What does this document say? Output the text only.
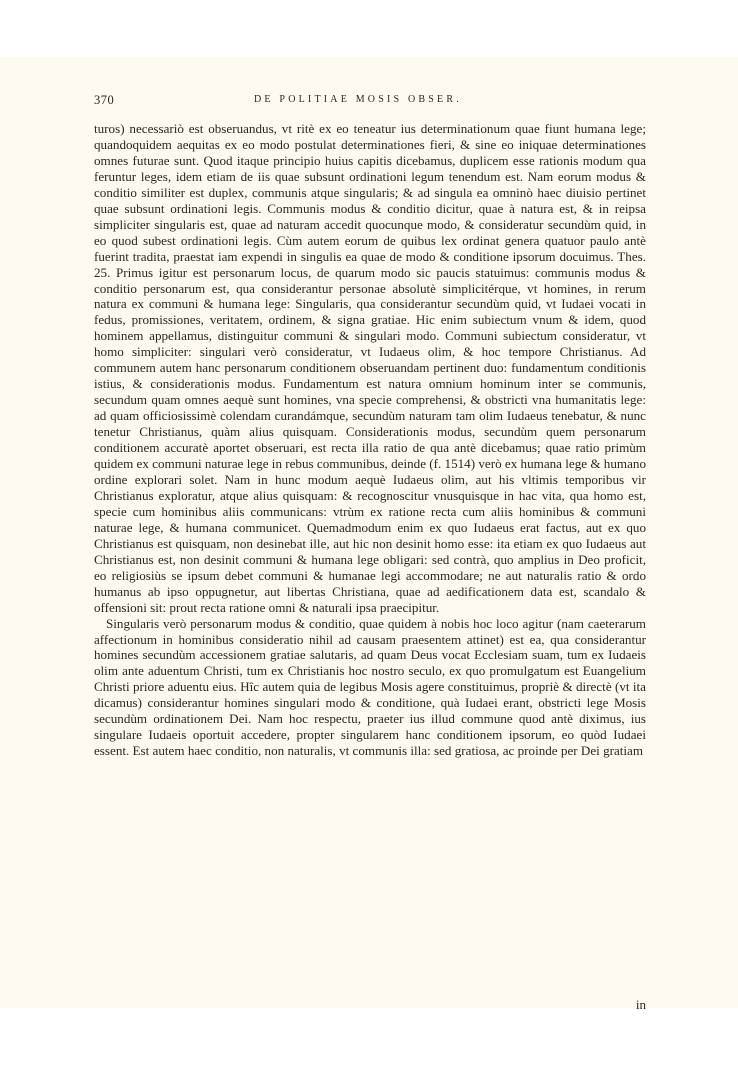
370	DE POLITIAE MOSIS OBSER.

turos) necessariò est obseruandus, vt ritè ex eo teneatur ius determinationum quae fiunt humana lege; quandoquidem aequitas ex eo modo postulat determinationes fieri, & sine eo iniquae determinationes omnes futurae sunt. Quod itaque principio huius capitis dicebamus, duplicem esse rationis modum qua feruntur leges, idem etiam de iis quae subsunt ordinationi legum tenendum est. Nam eorum modus & conditio similiter est duplex, communis atque singularis; & ad singula ea omninò haec diuisio pertinet quae subsunt ordinationi legis. Communis modus & conditio dicitur, quae à natura est, & in reipsa simpliciter singularis est, quae ad naturam accedit quocunque modo, & consideratur secundùm quid, in eo quod subest ordinationi legis. Cùm autem eorum de quibus lex ordinat genera quatuor paulo antè fuerint tradita, praestat iam expendi in singulis ea quae de modo & conditione ipsorum docuimus. Thes. 25. Primus igitur est personarum locus, de quarum modo sic paucis statuimus: communis modus & conditio personarum est, qua considerantur personae absolutè simplicitérque, vt homines, in rerum natura ex communi & humana lege: Singularis, qua considerantur secundùm quid, vt Iudaei vocati in fedus, promissiones, veritatem, ordinem, & signa gratiae. Hic enim subiectum vnum & idem, quod hominem appellamus, distinguitur communi & singulari modo. Communi subiectum consideratur, vt homo simpliciter: singulari verò consideratur, vt Iudaeus olim, & hoc tempore Christianus. Ad communem autem hanc personarum conditionem obseruandam pertinent duo: fundamentum conditionis istius, & considerationis modus. Fundamentum est natura omnium hominum inter se communis, secundum quam omnes aequè sunt homines, vna specie comprehensi, & obstricti vna humanitatis lege: ad quam officiosissimè colendam curandámque, secundùm naturam tam olim Iudaeus tenebatur, & nunc tenetur Christianus, quàm alius quisquam. Considerationis modus, secundùm quem personarum conditionem accuratè aportet obseruari, est recta illa ratio de qua antè dicebamus; quae ratio primùm quidem ex communi naturae lege in rebus communibus, deinde (f. 1514) verò ex humana lege & humano ordine explorari solet. Nam in hunc modum aequè Iudaeus olim, aut his vltimis temporibus vir Christianus exploratur, atque alius quisquam: & recognoscitur vnusquisque in hac vita, qua homo est, specie cum hominibus aliis communicans: vtrùm ex ratione recta cum aliis hominibus & communi naturae lege, & humana communicet. Quemadmodum enim ex quo Iudaeus erat factus, aut ex quo Christianus est quisquam, non desinebat ille, aut hic non desinit homo esse: ita etiam ex quo Iudaeus aut Christianus est, non desinit communi & humana lege obligari: sed contrà, quo amplius in Deo proficit, eo religiosiùs se ipsum debet communi & humanae legi accommodare; ne aut naturalis ratio & ordo humanus ab ipso oppugnetur, aut libertas Christiana, quae ad aedificationem data est, scandalo & offensioni sit: prout recta ratione omni & naturali ipsa praecipitur.

Singularis verò personarum modus & conditio, quae quidem à nobis hoc loco agitur (nam caeterarum affectionum in hominibus consideratio nihil ad causam praesentem attinet) est ea, qua considerantur homines secundùm accessionem gratiae salutaris, ad quam Deus vocat Ecclesiam suam, tum ex Iudaeis olim ante aduentum Christi, tum ex Christianis hoc nostro seculo, ex quo promulgatum est Euangelium Christi priore aduentu eius. Hîc autem quia de legibus Mosis agere constituimus, propriè & directè (vt ita dicamus) considerantur homines singulari modo & conditione, quà Iudaei erant, obstricti lege Mosis secundùm ordinationem Dei. Nam hoc respectu, praeter ius illud commune quod antè diximus, ius singulare Iudaeis oportuit accedere, propter singularem hanc conditionem ipsorum, eo quòd Iudaei essent. Est autem haec conditio, non naturalis, vt communis illa: sed gratiosa, ac proinde per Dei gratiam

in
